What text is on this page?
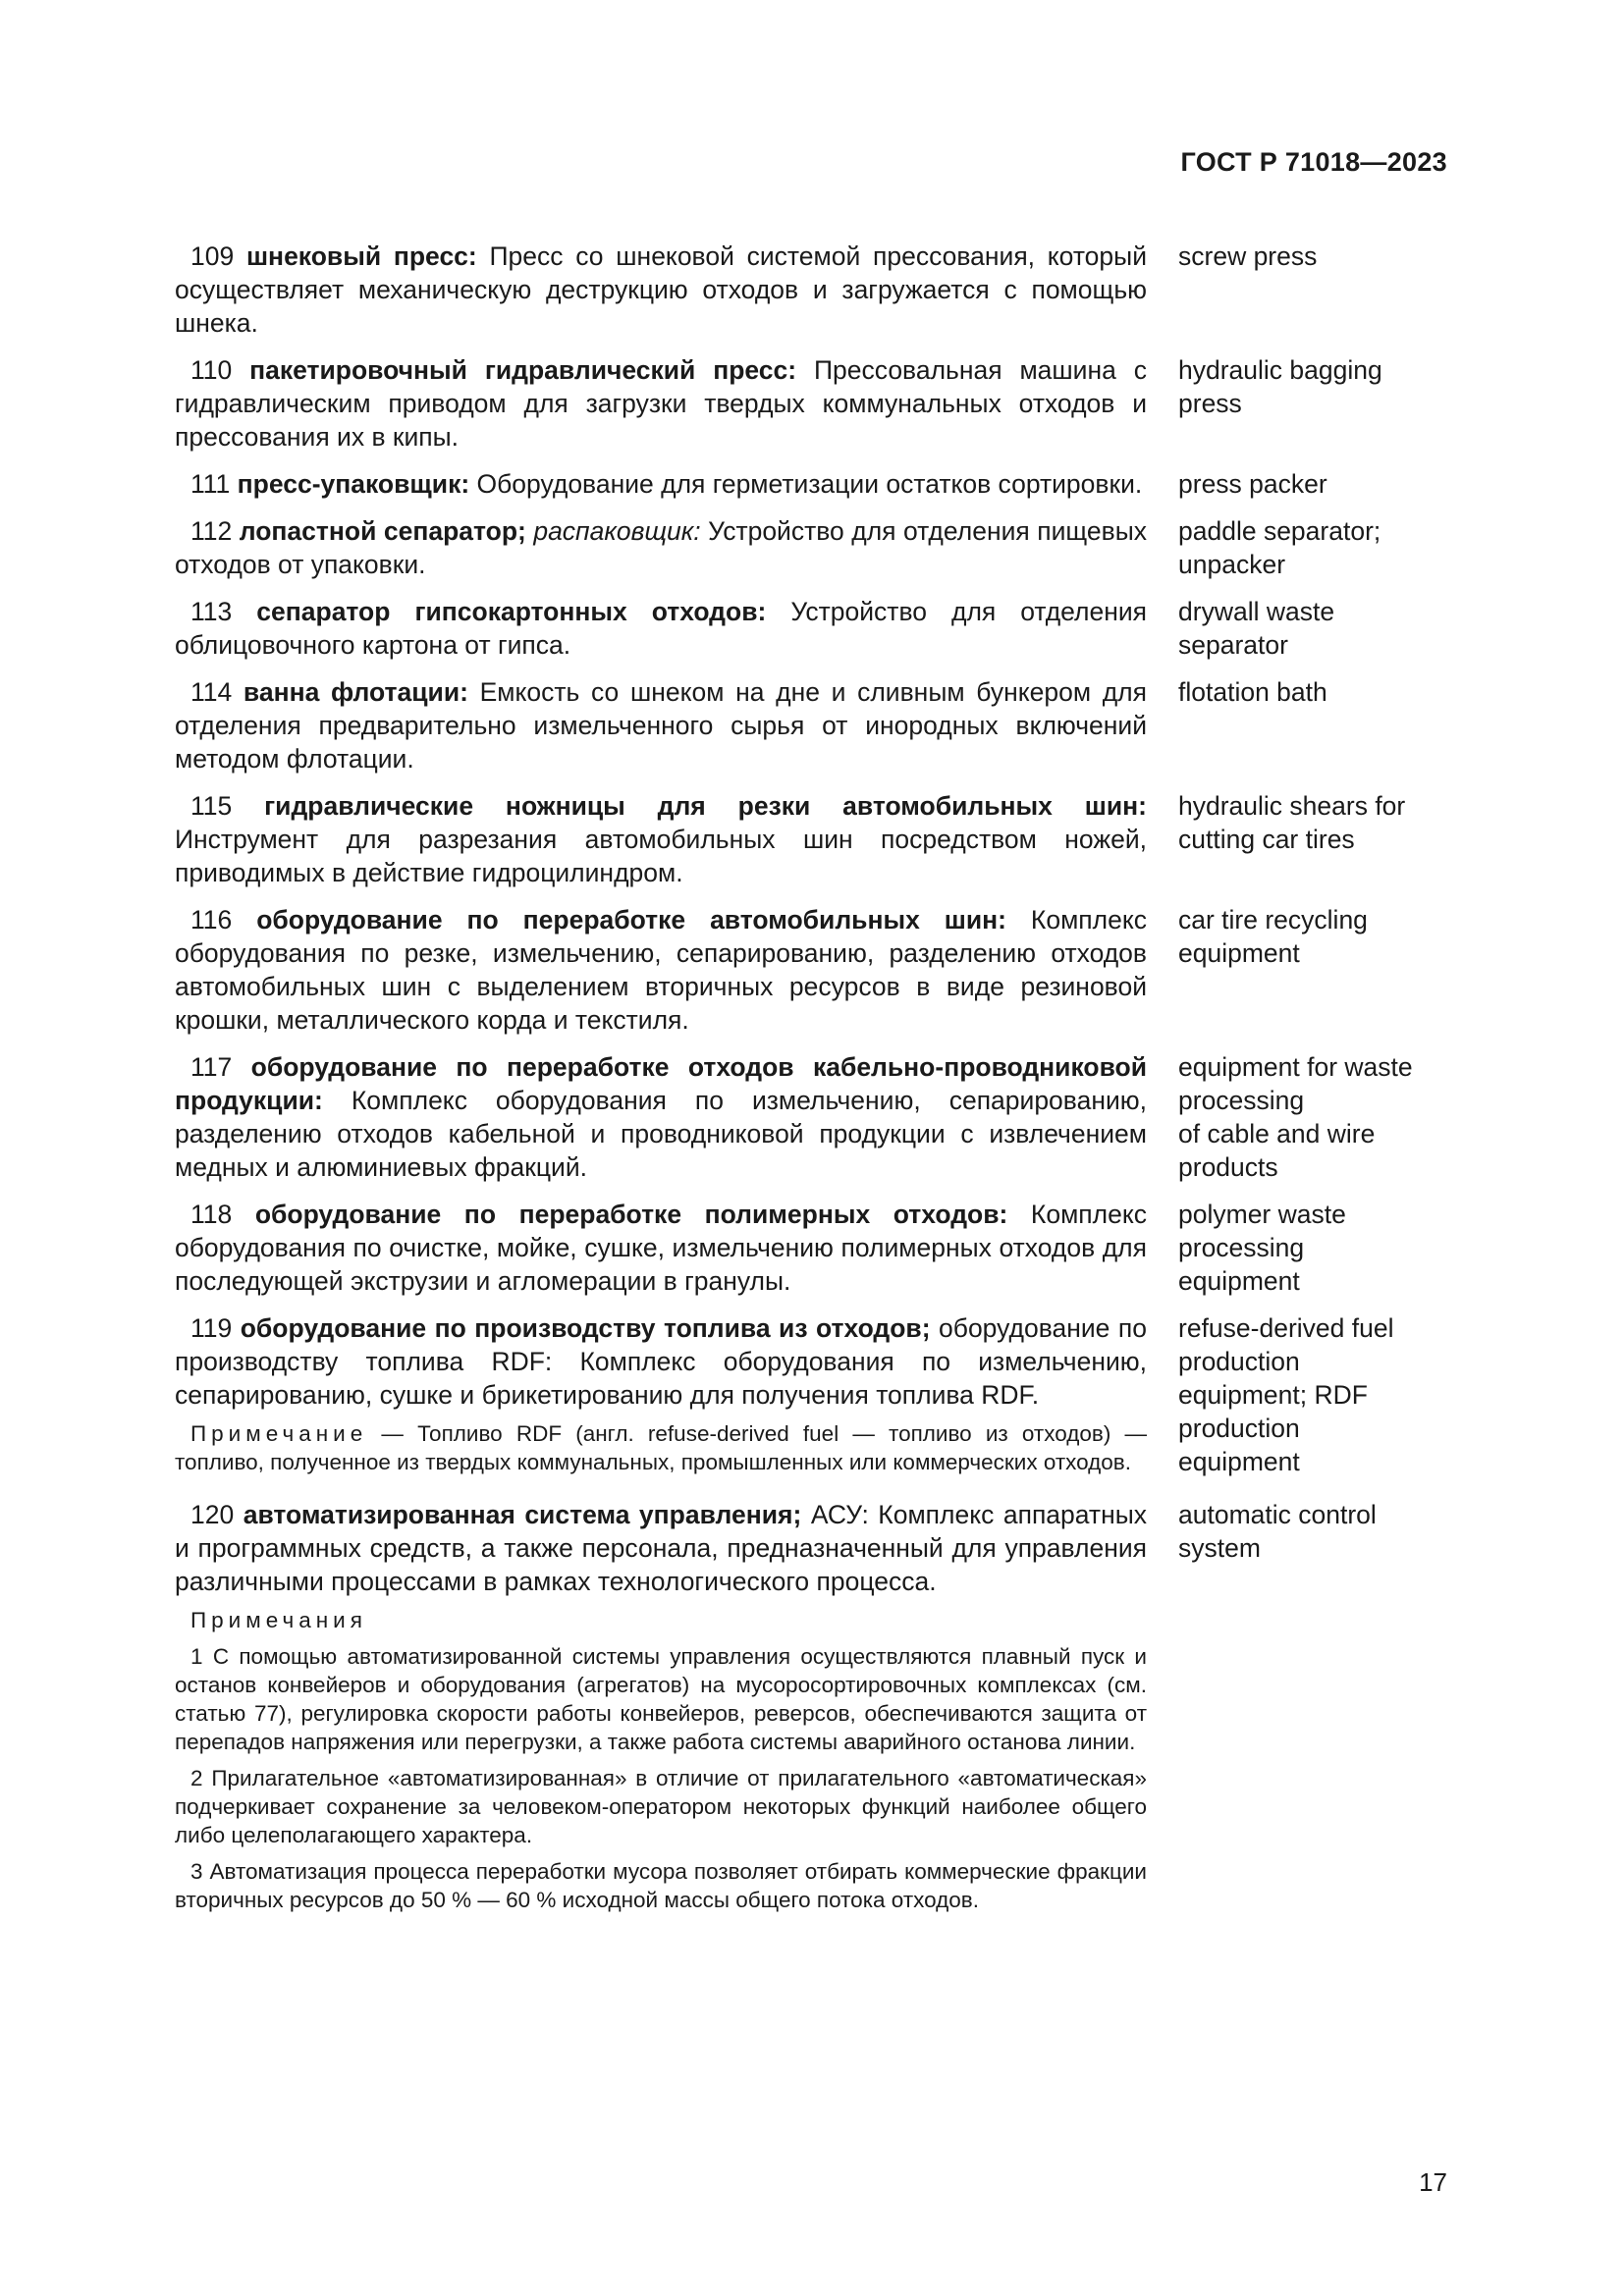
ГОСТ Р 71018—2023
109 шнековый пресс: Пресс со шнековой системой прессования, который осуществляет механическую деструкцию отходов и загружается с помощью шнека.
screw press
110 пакетировочный гидравлический пресс: Прессовальная машина с гидравлическим приводом для загрузки твердых коммунальных отходов и прессования их в кипы.
hydraulic bagging
press
111 пресс-упаковщик: Оборудование для герметизации остатков сортировки. press packer
112 лопастной сепаратор; распаковщик: Устройство для отделения пищевых отходов от упаковки.
paddle separator;
unpacker
113 сепаратор гипсокартонных отходов: Устройство для отделения облицовочного картона от гипса.
drywall waste
separator
114 ванна флотации: Емкость со шнеком на дне и сливным бункером для отделения предварительно измельченного сырья от инородных включений методом флотации.
flotation bath
115 гидравлические ножницы для резки автомобильных шин: Инструмент для разрезания автомобильных шин посредством ножей, приводимых в действие гидроцилиндром.
hydraulic shears for
cutting car tires
116 оборудование по переработке автомобильных шин: Комплекс оборудования по резке, измельчению, сепарированию, разделению отходов автомобильных шин с выделением вторичных ресурсов в виде резиновой крошки, металлического корда и текстиля.
car tire recycling
equipment
117 оборудование по переработке отходов кабельно-проводниковой продукции: Комплекс оборудования по измельчению, сепарированию, разделению отходов кабельной и проводниковой продукции с извлечением медных и алюминиевых фракций.
equipment for waste
processing
of cable and wire
products
118 оборудование по переработке полимерных отходов: Комплекс оборудования по очистке, мойке, сушке, измельчению полимерных отходов для последующей экструзии и агломерации в гранулы.
polymer waste
processing
equipment
119 оборудование по производству топлива из отходов; оборудование по производству топлива RDF: Комплекс оборудования по измельчению, сепарированию, сушке и брикетированию для получения топлива RDF.
Примечание — Топливо RDF (англ. refuse-derived fuel — топливо из отходов) — топливо, полученное из твердых коммунальных, промышленных или коммерческих отходов.
refuse-derived fuel
production
equipment; RDF
production
equipment
120 автоматизированная система управления; АСУ: Комплекс аппаратных и программных средств, а также персонала, предназначенный для управления различными процессами в рамках технологического процесса.
Примечания
1 С помощью автоматизированной системы управления осуществляются плавный пуск и останов конвейеров и оборудования (агрегатов) на мусоросортировочных комплексах (см. статью 77), регулировка скорости работы конвейеров, реверсов, обеспечиваются защита от перепадов напряжения или перегрузки, а также работа системы аварийного останова линии.
2 Прилагательное «автоматизированная» в отличие от прилагательного «автоматическая» подчеркивает сохранение за человеком-оператором некоторых функций наиболее общего либо целеполагающего характера.
3 Автоматизация процесса переработки мусора позволяет отбирать коммерческие фракции вторичных ресурсов до 50 % — 60 % исходной массы общего потока отходов.
automatic control
system
17
